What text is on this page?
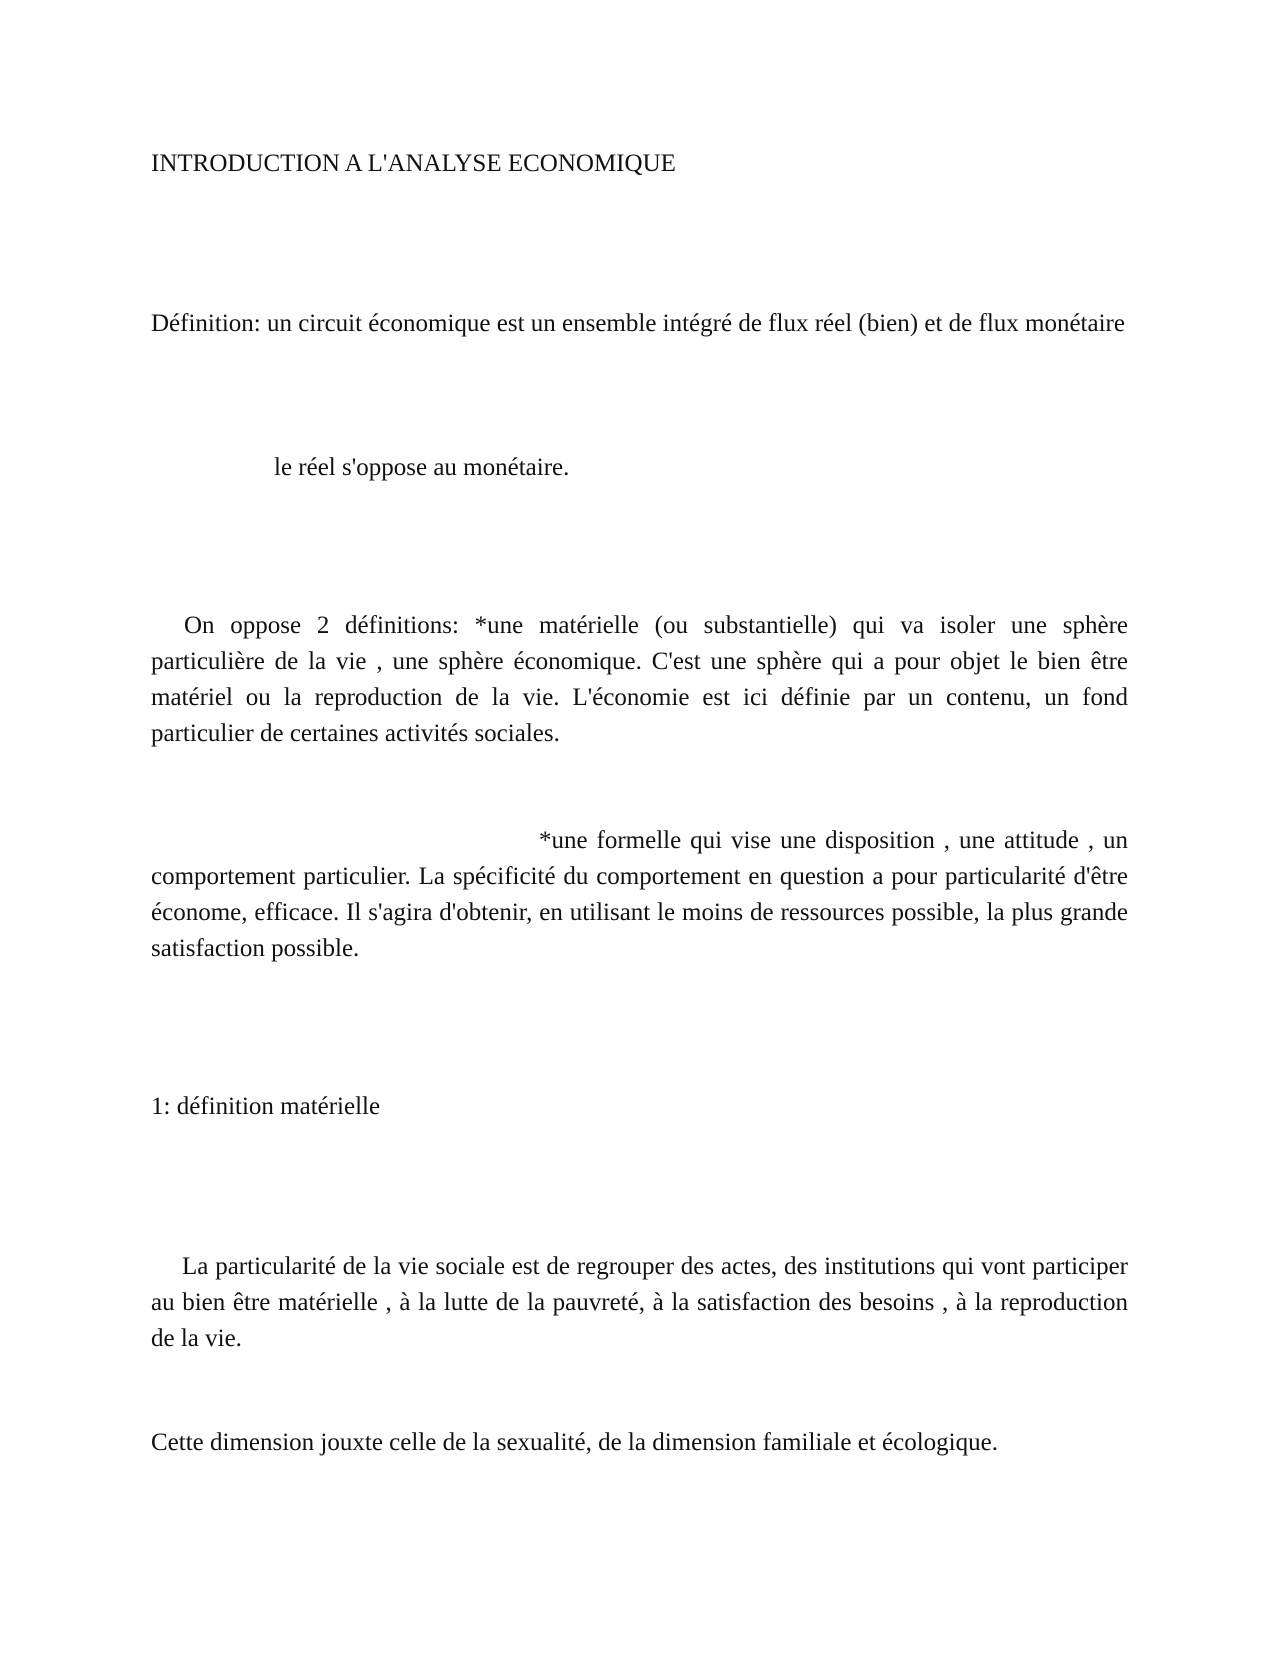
INTRODUCTION A L'ANALYSE ECONOMIQUE

Définition: un circuit économique est un ensemble intégré de flux réel (bien) et de flux monétaire

le réel s'oppose au monétaire.

On oppose 2 définitions: *une matérielle (ou substantielle) qui va isoler une sphère particulière de la vie , une sphère économique. C'est une sphère qui a pour objet le bien être matériel ou la reproduction de la vie. L'économie est ici définie par un contenu, un fond particulier de certaines activités sociales.

*une formelle qui vise une disposition , une attitude , un comportement particulier. La spécificité du comportement en question a pour particularité d'être économe, efficace. Il s'agira d'obtenir, en utilisant le moins de ressources possible, la plus grande satisfaction possible.

1: définition matérielle

La particularité de la vie sociale est de regrouper des actes, des institutions qui vont participer au bien être matérielle , à la lutte de la pauvreté, à la satisfaction des besoins , à la reproduction de la vie.

Cette dimension jouxte celle de la sexualité, de la dimension familiale et écologique.
